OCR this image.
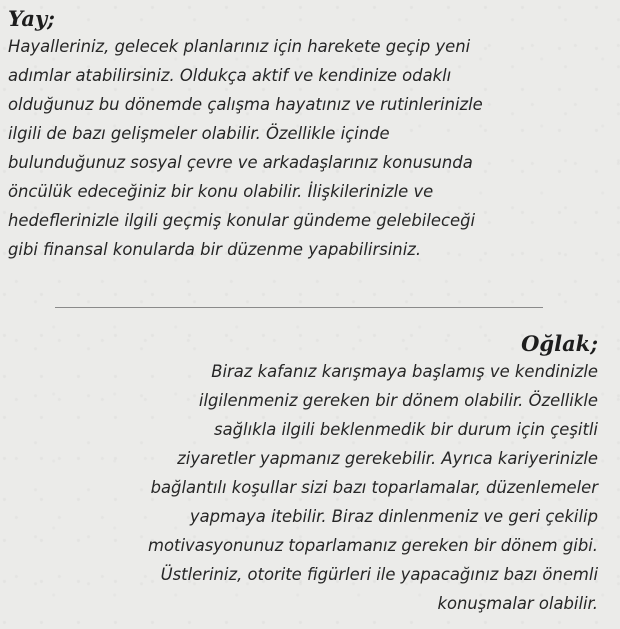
Yay;
Hayalleriniz, gelecek planlarınız için harekete geçip yeni
adımlar atabilirsiniz. Oldukça aktif ve kendinize odaklı
olduğunuz bu dönemde çalışma hayatınız ve rutinlerinizle
ilgili de bazı gelişmeler olabilir. Özellikle içinde
bulunduğunuz sosyal çevre ve arkadaşlarınız konusunda
öncülük edeceğiniz bir konu olabilir. İlişkilerinizle ve
hedeflerinizle ilgili geçmiş konular gündeme gelebileceği
gibi finansal konularda bir düzenme yapabilirsiniz.
Oğlak;
Biraz kafanız karışmaya başlamış ve kendinizle
ilgilenmeniz gereken bir dönem olabilir. Özellikle
sağlıkla ilgili beklenmedik bir durum için çeşitli
ziyaretler yapmanız gerekebilir. Ayrıca kariyerinizle
bağlantılı koşullar sizi bazı toparlamalar, düzenlemeler
yapmaya itebilir. Biraz dinlenmeniz ve geri çekilip
motivasyonunuz toparlamanız gereken bir dönem gibi.
Üstleriniz, otorite figürleri ile yapacağınız bazı önemli
konuşmalar olabilir.
